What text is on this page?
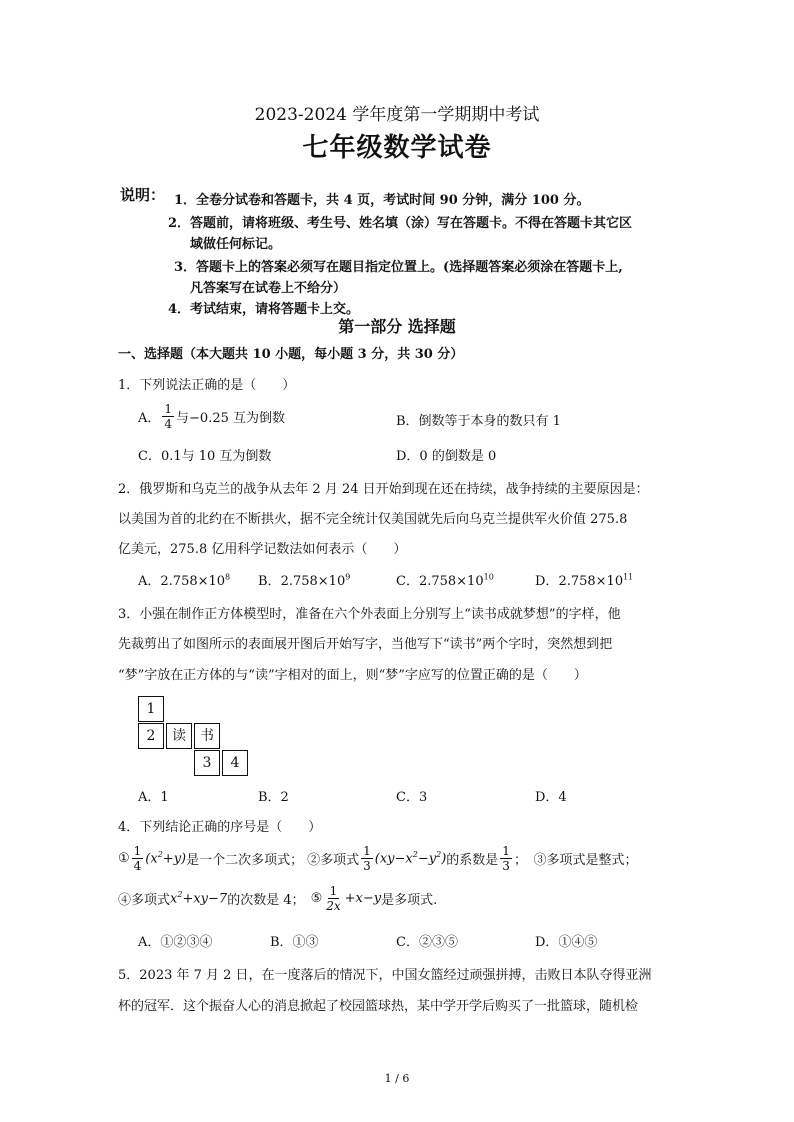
2023-2024 学年度第一学期期中考试
七年级数学试卷
说明： 1．全卷分试卷和答题卡，共 4 页，考试时间 90 分钟，满分 100 分。
2．答题前，请将班级、考生号、姓名填（涂）写在答题卡。不得在答题卡其它区
域做任何标记。
3．答题卡上的答案必须写在题目指定位置上。(选择题答案必须涂在答题卡上,
凡答案写在试卷上不给分）
4．考试结束，请将答题卡上交。
第一部分 选择题
一、选择题（本大题共 10 小题，每小题 3 分，共 30 分）
1．下列说法正确的是（　　）
A． $\frac{1}{4}$ 与−0.25 互为倒数	B．倒数等于本身的数只有 1
C．0.1与 10 互为倒数	D．0 的倒数是 0
2．俄罗斯和乌克兰的战争从去年 2 月 24 日开始到现在还在持续，战争持续的主要原因是：
以美国为首的北约在不断拱火，据不完全统计仅美国就先后向乌克兰提供军火价值 275.8
亿美元，275.8 亿用科学记数法如何表示（　　）
A．$2.758\times 10^8$ B．$2.758\times 10^9$	C．$2.758\times 10^{10}$	D．$2.758\times 10^{11}$
3．小强在制作正方体模型时，准备在六个外表面上分别写上“读书成就梦想”的字样，他
先裁剪出了如图所示的表面展开图后开始写字，当他写下“读书”两个字时，突然想到把
“梦”字放在正方体的与“读”字相对的面上，则“梦”字应写的位置正确的是（　　）
1
2	读	书
3	4
A．1	B．2	C．3	D．4
4．下列结论正确的序号是（　　）
① $\frac{1}{4} (x^2+y)$ 是一个二次多项式； ②多项式 $\frac{1}{3} (xy-x^2-y^2)$ 的系数是 $\frac{1}{3}$ ；　③多项式是整式；
④多项式 $x^2+xy-7$ 的次数是 4； ⑤ $\frac{1}{2x} +x-y$ 是多项式.
A．①②③④	B．①③	C．②③⑤	D．①④⑤
5．2023 年 7 月 2 日，在一度落后的情况下，中国女篮经过顽强拼搏，击败日本队夺得亚洲
杯的冠军．这个振奋人心的消息掀起了校园篮球热，某中学开学后购买了一批篮球，随机检
1 / 6
